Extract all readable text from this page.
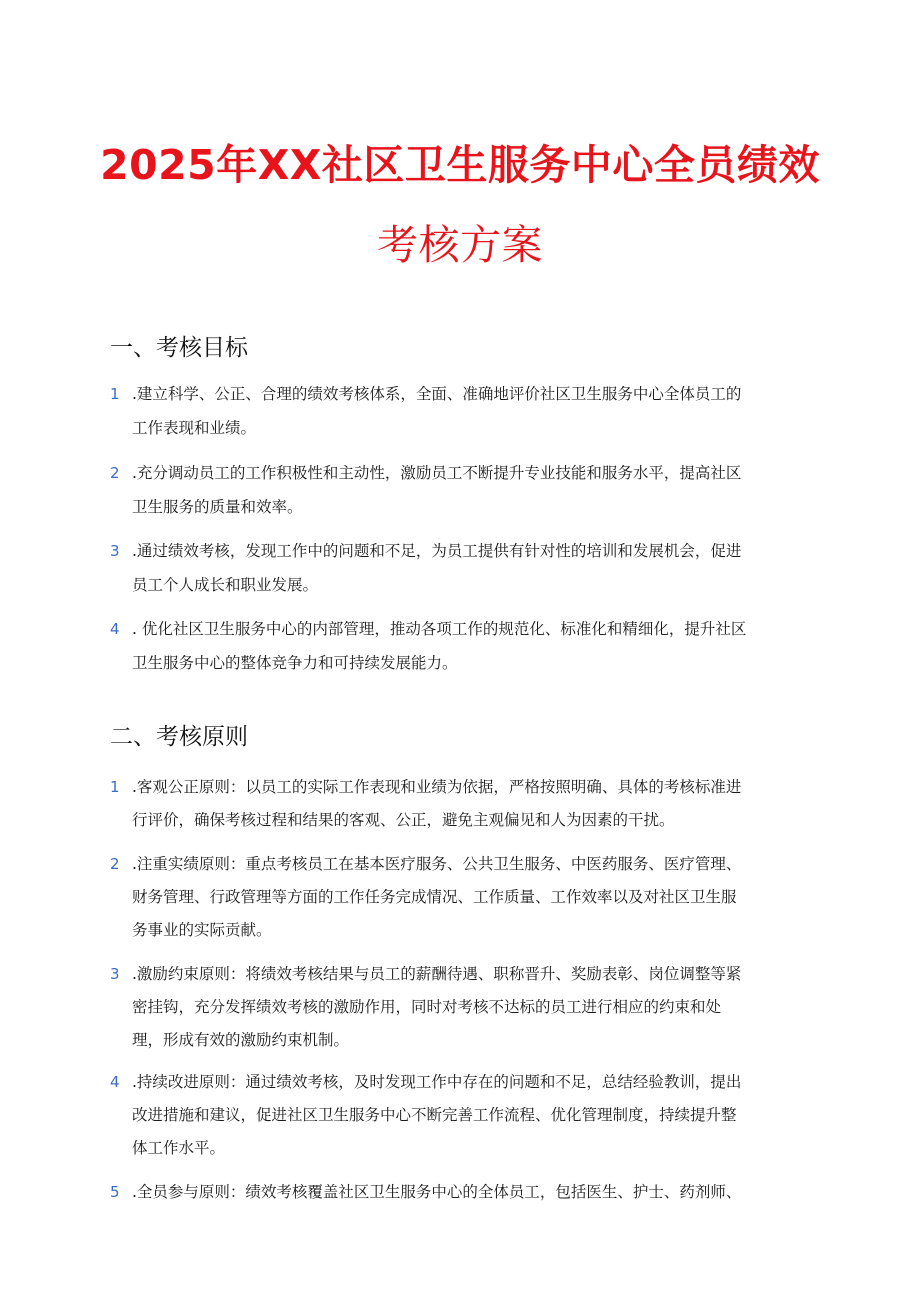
2025年XX社区卫生服务中心全员绩效
考核方案
一、考核目标
1 .建立科学、公正、合理的绩效考核体系，全面、准确地评价社区卫生服务中心全体员工的
工作表现和业绩。
2 .充分调动员工的工作积极性和主动性，激励员工不断提升专业技能和服务水平，提高社区
卫生服务的质量和效率。
3 .通过绩效考核，发现工作中的问题和不足，为员工提供有针对性的培训和发展机会，促进
员工个人成长和职业发展。
4 . 优化社区卫生服务中心的内部管理，推动各项工作的规范化、标准化和精细化，提升社区
卫生服务中心的整体竞争力和可持续发展能力。
二、考核原则
1 .客观公正原则：以员工的实际工作表现和业绩为依据，严格按照明确、具体的考核标准进
行评价，确保考核过程和结果的客观、公正，避免主观偏见和人为因素的干扰。
2 .注重实绩原则：重点考核员工在基本医疗服务、公共卫生服务、中医药服务、医疗管理、
财务管理、行政管理等方面的工作任务完成情况、工作质量、工作效率以及对社区卫生服
务事业的实际贡献。
3 .激励约束原则：将绩效考核结果与员工的薪酬待遇、职称晋升、奖励表彰、岗位调整等紧
密挂钩，充分发挥绩效考核的激励作用，同时对考核不达标的员工进行相应的约束和处
理，形成有效的激励约束机制。
4 .持续改进原则：通过绩效考核，及时发现工作中存在的问题和不足，总结经验教训，提出
改进措施和建议，促进社区卫生服务中心不断完善工作流程、优化管理制度，持续提升整
体工作水平。
5 .全员参与原则：绩效考核覆盖社区卫生服务中心的全体员工，包括医生、护士、药剂师、
